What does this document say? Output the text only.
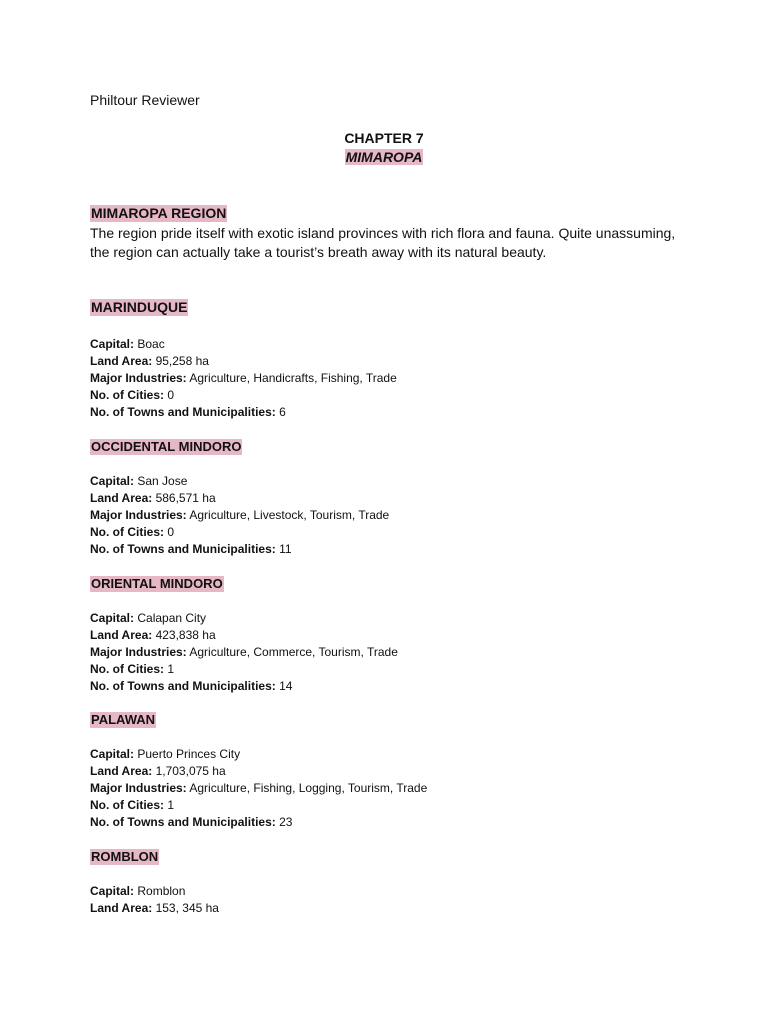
Philtour Reviewer
CHAPTER 7
MIMAROPA
MIMAROPA REGION
The region pride itself with exotic island provinces with rich flora and fauna. Quite unassuming, the region can actually take a tourist’s breath away with its natural beauty.
MARINDUQUE
Capital: Boac
Land Area: 95,258 ha
Major Industries: Agriculture, Handicrafts, Fishing, Trade
No. of Cities: 0
No. of Towns and Municipalities: 6
OCCIDENTAL MINDORO
Capital: San Jose
Land Area: 586,571 ha
Major Industries: Agriculture, Livestock, Tourism, Trade
No. of Cities: 0
No. of Towns and Municipalities: 11
ORIENTAL MINDORO
Capital: Calapan City
Land Area: 423,838 ha
Major Industries: Agriculture, Commerce, Tourism, Trade
No. of Cities: 1
No. of Towns and Municipalities: 14
PALAWAN
Capital: Puerto Princes City
Land Area: 1,703,075 ha
Major Industries: Agriculture, Fishing, Logging, Tourism, Trade
No. of Cities: 1
No. of Towns and Municipalities: 23
ROMBLON
Capital: Romblon
Land Area: 153, 345 ha
